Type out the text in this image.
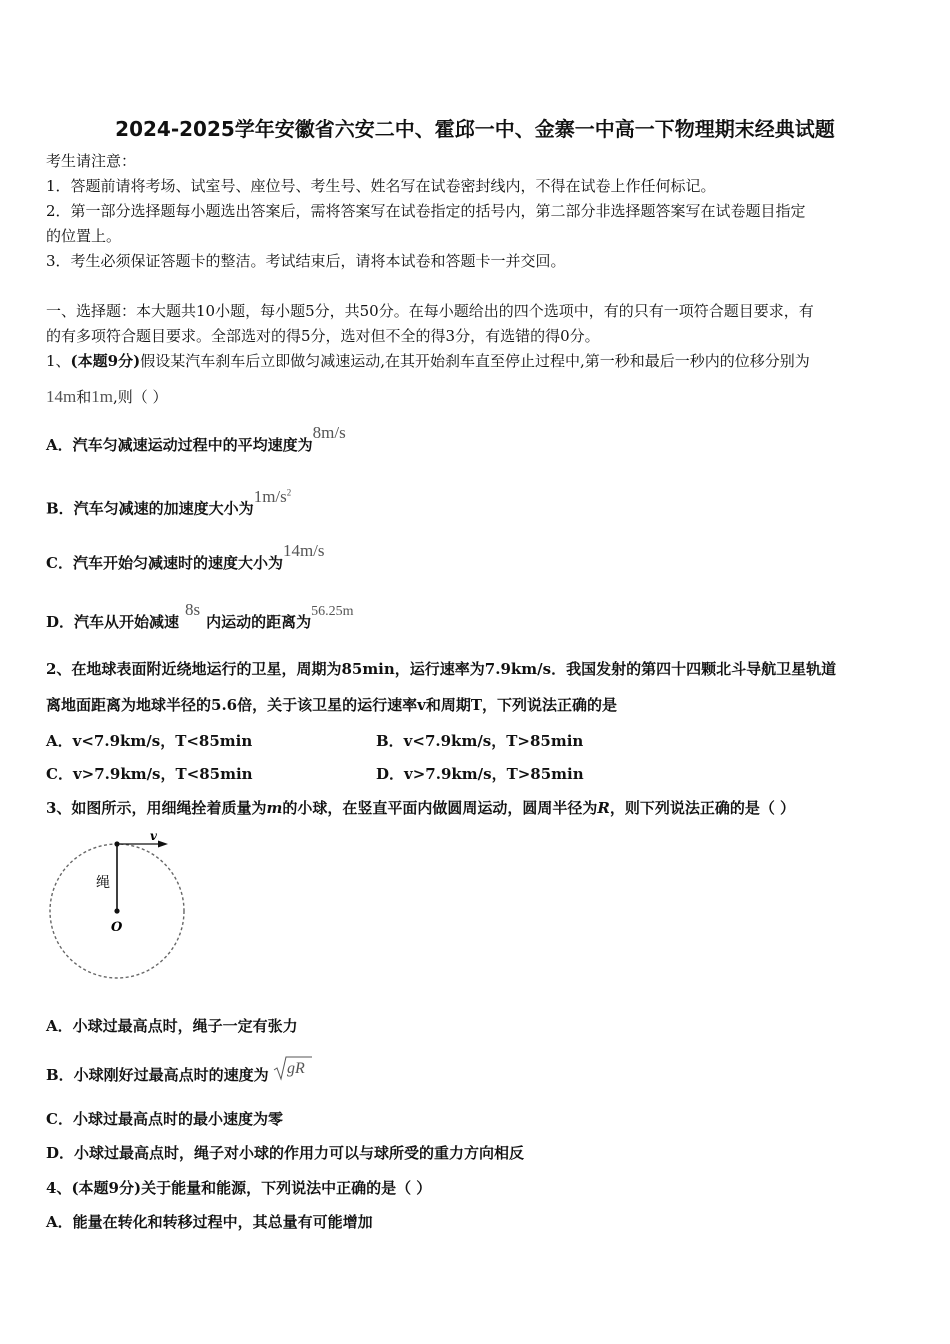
2024-2025学年安徽省六安二中、霍邱一中、金寨一中高一下物理期末经典试题
考生请注意：
1．答题前请将考场、试室号、座位号、考生号、姓名写在试卷密封线内，不得在试卷上作任何标记。
2．第一部分选择题每小题选出答案后，需将答案写在试卷指定的括号内，第二部分非选择题答案写在试卷题目指定
的位置上。
3．考生必须保证答题卡的整洁。考试结束后，请将本试卷和答题卡一并交回。
一、选择题：本大题共10小题，每小题5分，共50分。在每小题给出的四个选项中，有的只有一项符合题目要求，有
的有多项符合题目要求。全部选对的得5分，选对但不全的得3分，有选错的得0分。
1、(本题9分)假设某汽车刹车后立即做匀减速运动,在其开始刹车直至停止过程中,第一秒和最后一秒内的位移分别为
14m和1m,则（ ）
A．汽车匀减速运动过程中的平均速度为8m/s
B．汽车匀减速的加速度大小为$1m/s^2$
C．汽车开始匀减速时的速度大小为14m/s
D．汽车从开始减速8s内运动的距离为56.25m
2、在地球表面附近绕地运行的卫星，周期为85min，运行速率为7.9km/s．我国发射的第四十四颗北斗导航卫星轨道
离地面距离为地球半径的5.6倍，关于该卫星的运行速率v和周期T，下列说法正确的是
A．v<7.9km/s，T<85min	B．v<7.9km/s，T>85min
C．v>7.9km/s，T<85min	D．v>7.9km/s，T>85min
3、如图所示，用细绳拴着质量为m的小球，在竖直平面内做圆周运动，圆周半径为R，则下列说法正确的是（ ）
v
绳
O
A．小球过最高点时，绳子一定有张力
B．小球刚好过最高点时的速度为 gR
C．小球过最高点时的最小速度为零
D．小球过最高点时，绳子对小球的作用力可以与球所受的重力方向相反
4、(本题9分)关于能量和能源，下列说法中正确的是（ ）
A．能量在转化和转移过程中，其总量有可能增加
